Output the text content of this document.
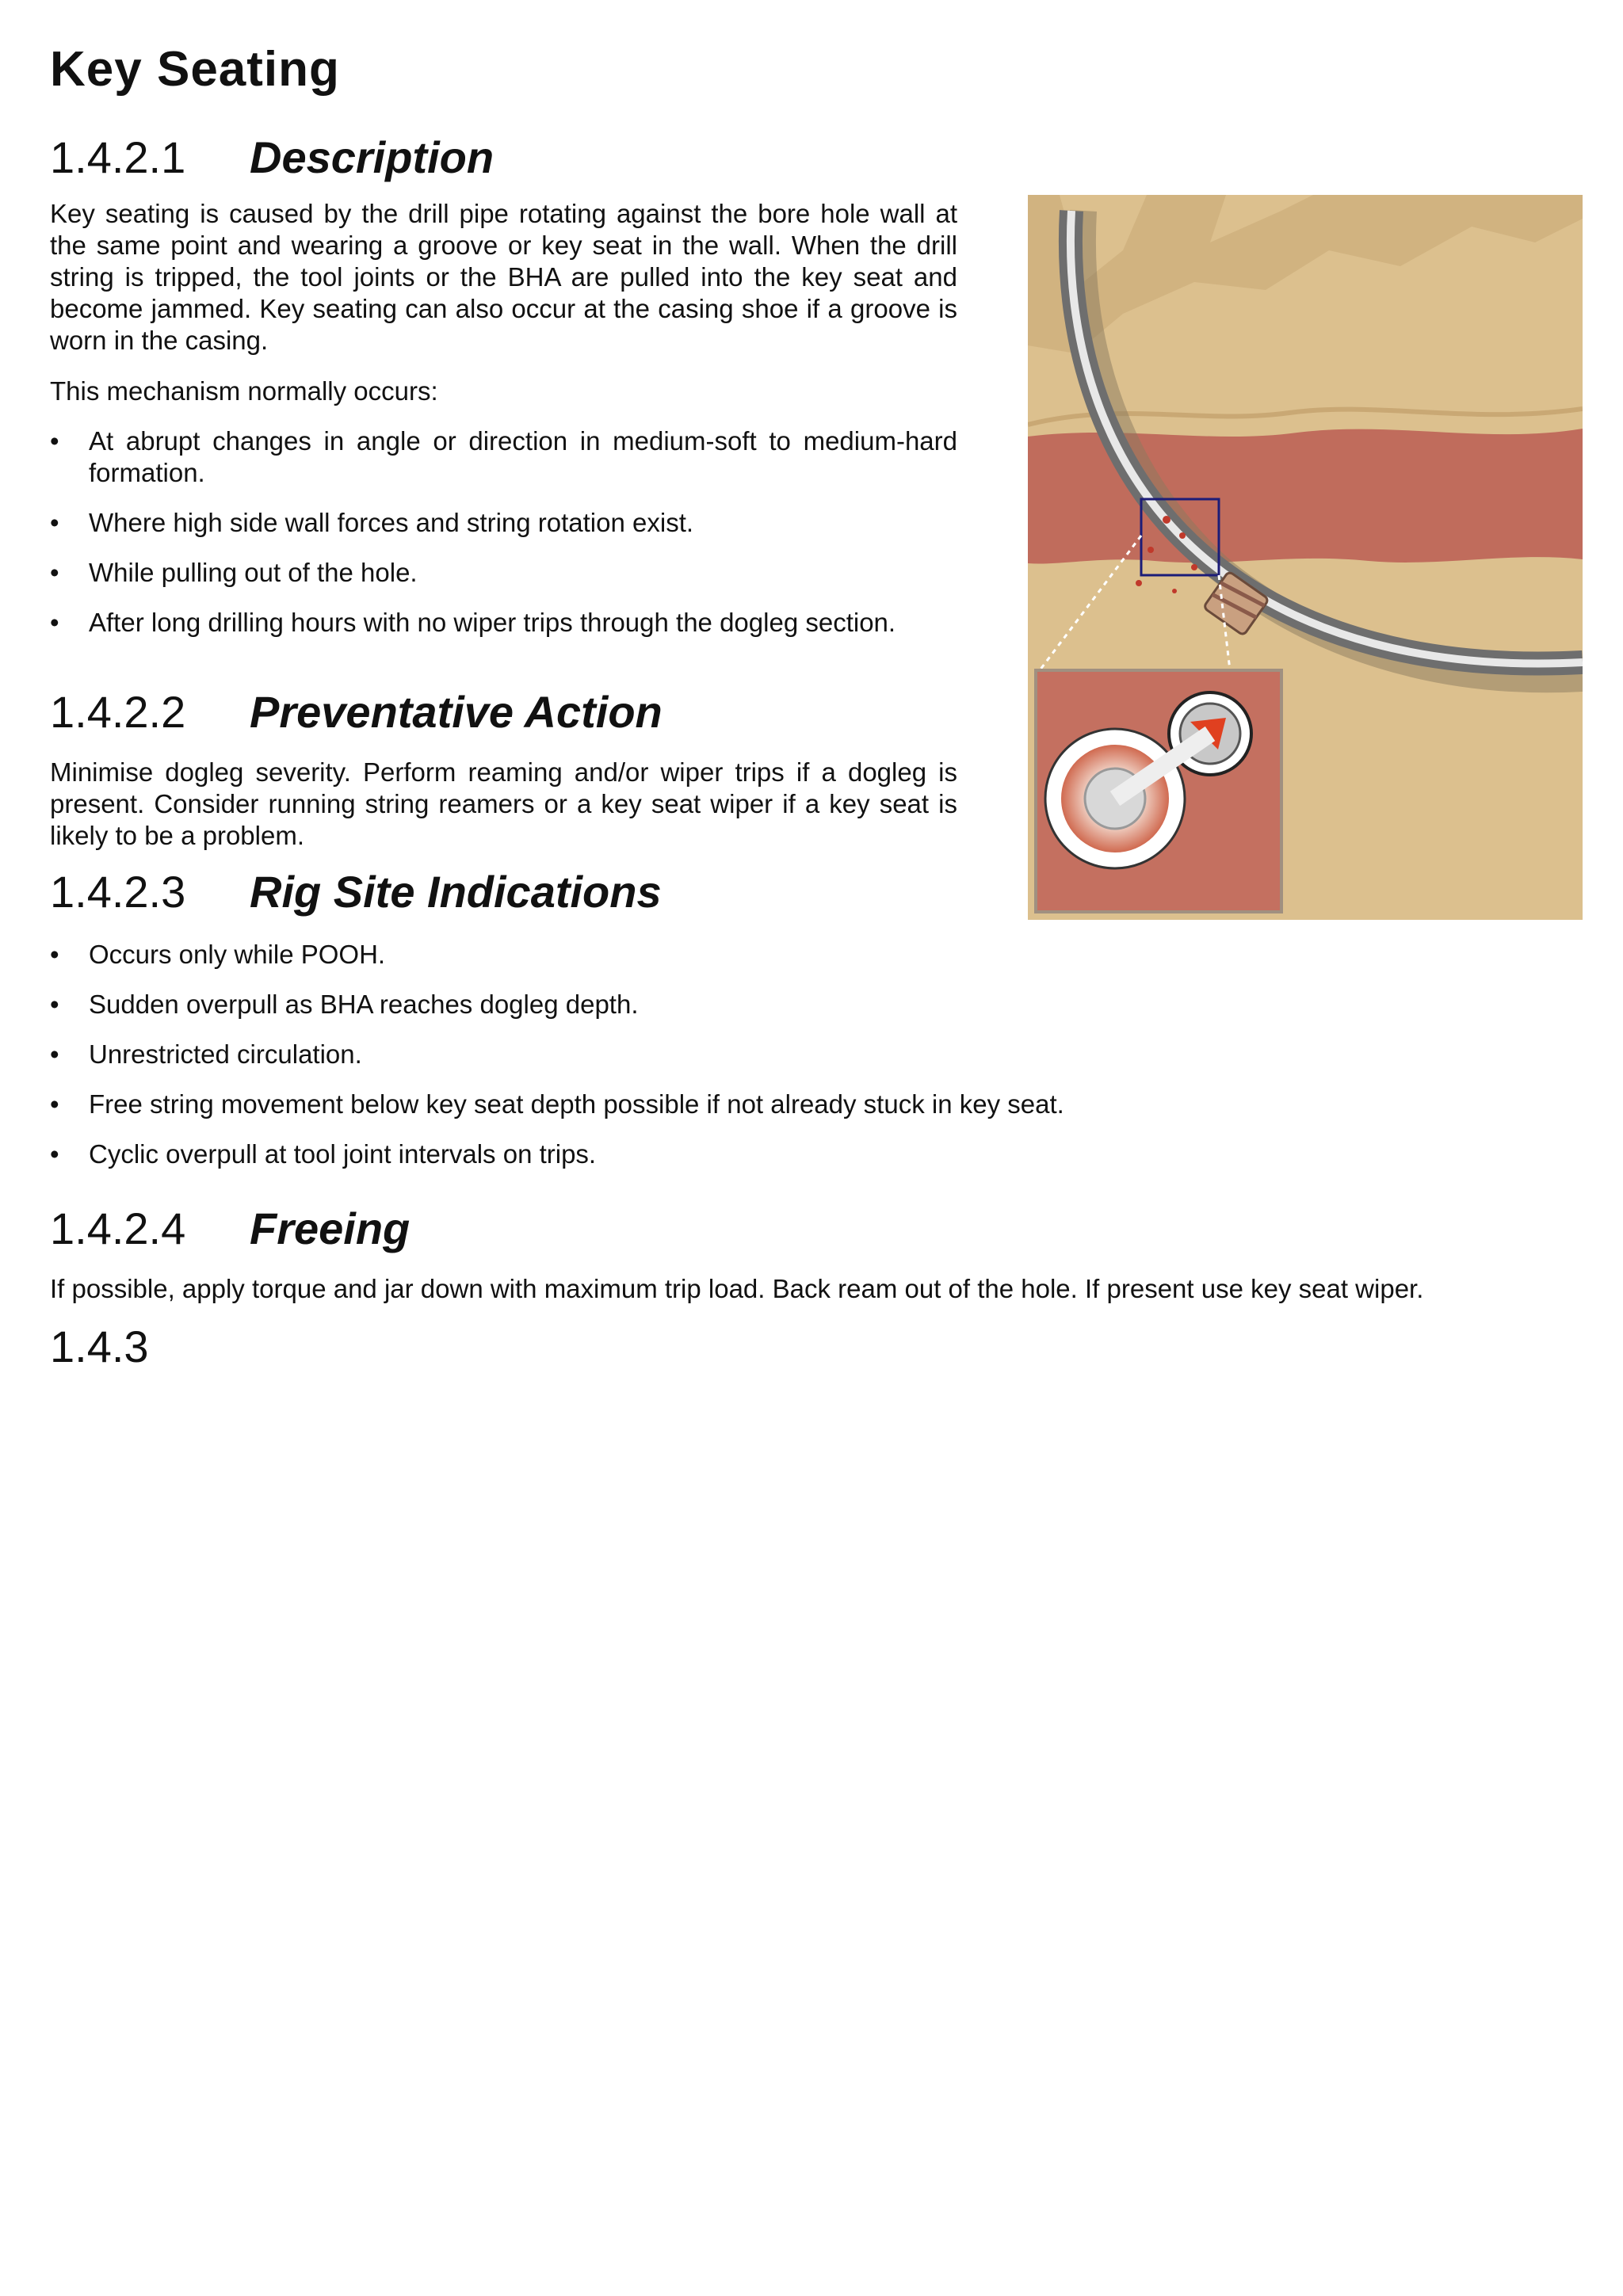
Key Seating
1.4.2.1 Description

Key seating is caused by the drill pipe rotating against the bore hole wall at the same point and wearing a groove or key seat in the wall. When the drill string is tripped, the tool joints or the BHA are pulled into the key seat and become jammed. Key seating can also occur at the casing shoe if a groove is worn in the casing.

This mechanism normally occurs:

• At abrupt changes in angle or direction in medium-soft to medium-hard formation.
• Where high side wall forces and string rotation exist.
• While pulling out of the hole.
• After long drilling hours with no wiper trips through the dogleg section.
1.4.2.2 Preventative Action

Minimise dogleg severity. Perform reaming and/or wiper trips if a dogleg is present. Consider running string reamers or a key seat wiper if a key seat is likely to be a problem.

1.4.2.3 Rig Site Indications
• Occurs only while POOH.
• Sudden overpull as BHA reaches dogleg depth.
• Unrestricted circulation.
• Free string movement below key seat depth possible if not already stuck in key seat.
• Cyclic overpull at tool joint intervals on trips.
1.4.2.4 Freeing

If possible, apply torque and jar down with maximum trip load. Back ream out of the hole. If present use key seat wiper.

1.4.3
